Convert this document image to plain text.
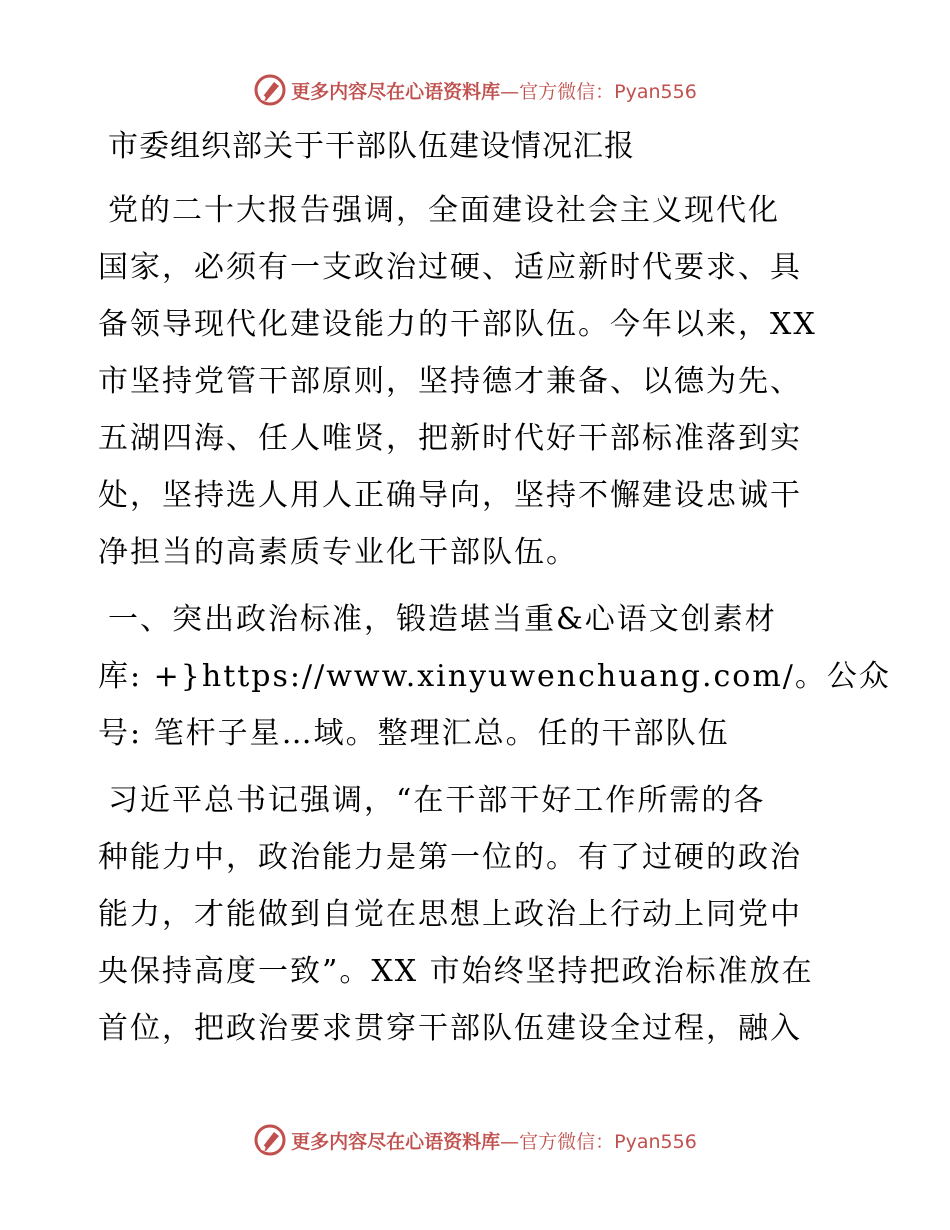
更多内容尽在心语资料库—官方微信：Pyan556
市委组织部关于干部队伍建设情况汇报
党的二十大报告强调，全面建设社会主义现代化
国家，必须有一支政治过硬、适应新时代要求、具
备领导现代化建设能力的干部队伍。今年以来，XX
市坚持党管干部原则，坚持德才兼备、以德为先、
五湖四海、任人唯贤，把新时代好干部标准落到实
处，坚持选人用人正确导向，坚持不懈建设忠诚干
净担当的高素质专业化干部队伍。
一、突出政治标准，锻造堪当重&心语文创素材
库: +}https://www.xinyuwenchuang.com/。公众
号: 笔杆子星…域。整理汇总。任的干部队伍
习近平总书记强调，“在干部干好工作所需的各
种能力中，政治能力是第一位的。有了过硬的政治
能力，才能做到自觉在思想上政治上行动上同党中
央保持高度一致”。XX 市始终坚持把政治标准放在
首位，把政治要求贯穿干部队伍建设全过程，融入
更多内容尽在心语资料库—官方微信：Pyan556
